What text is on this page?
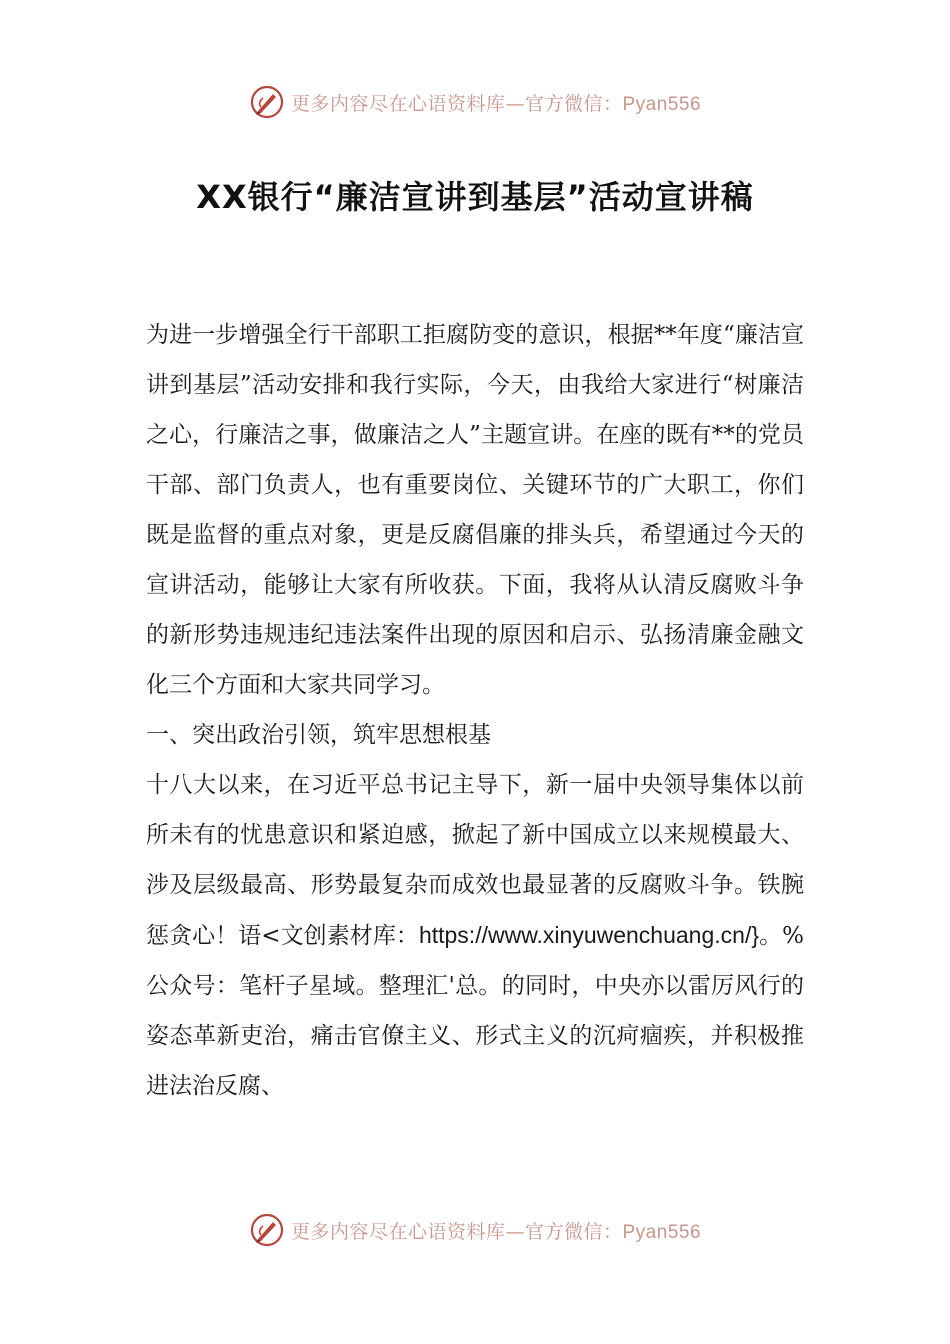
更多内容尽在心语资料库—官方微信：Pyan556
XX银行“廉洁宣讲到基层”活动宣讲稿

为进一步增强全行干部职工拒腐防变的意识，根据**年度“廉洁宣讲到基层”活动安排和我行实际，今天，由我给大家进行“树廉洁之心，行廉洁之事，做廉洁之人”主题宣讲。在座的既有**的党员干部、部门负责人，也有重要岗位、关键环节的广大职工，你们既是监督的重点对象，更是反腐倡廉的排头兵，希望通过今天的宣讲活动，能够让大家有所收获。下面，我将从认清反腐败斗争的新形势违规违纪违法案件出现的原因和启示、弘扬清廉金融文化三个方面和大家共同学习。

一、突出政治引领，筑牢思想根基

十八大以来，在习近平总书记主导下，新一届中央领导集体以前所未有的忧患意识和紧迫感，掀起了新中国成立以来规模最大、涉及层级最高、形势最复杂而成效也最显著的反腐败斗争。铁腕惩贪心！语<文创素材库：https://www.xinyuwenchuang.cn/}。%公众号：笔杆子星域。整理汇'总。的同时，中央亦以雷厉风行的姿态革新吏治，痛击官僚主义、形式主义的沉疴痼疾，并积极推进法治反腐、

更多内容尽在心语资料库—官方微信：Pyan556
